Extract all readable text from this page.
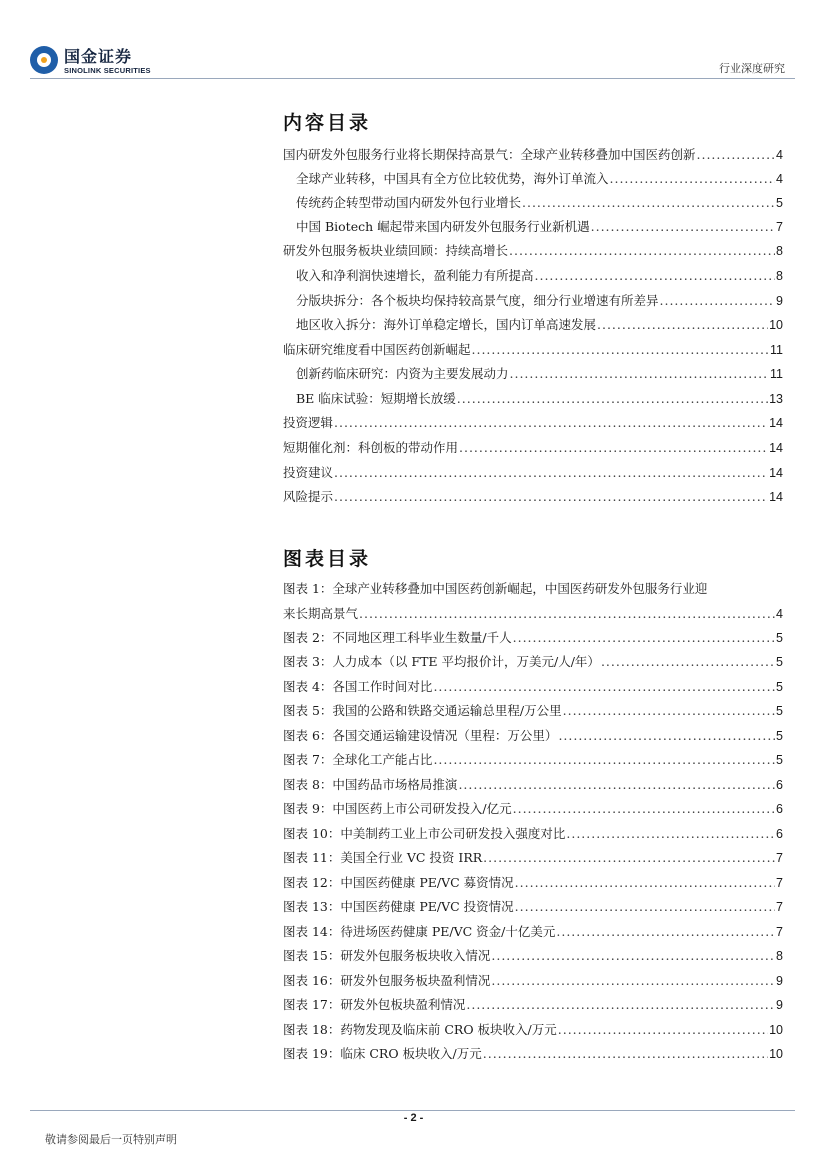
国金证券
SINOLINK SECURITIES	行业深度研究
内容目录
国内研发外包服务行业将长期保持高景气：全球产业转移叠加中国医药创新 .....	4
全球产业转移，中国具有全方位比较优势，海外订单流入 .....	4
传统药企转型带动国内研发外包行业增长 .....	5
中国 Biotech 崛起带来国内研发外包服务行业新机遇 .....	7
研发外包服务板块业绩回顾：持续高增长 .....	8
收入和净利润快速增长，盈利能力有所提高 .....	8
分版块拆分：各个板块均保持较高景气度，细分行业增速有所差异 .....	9
地区收入拆分：海外订单稳定增长，国内订单高速发展 .....	10
临床研究维度看中国医药创新崛起 .....	11
创新药临床研究：内资为主要发展动力 .....	11
BE 临床试验：短期增长放缓 .....	13
投资逻辑 .....	14
短期催化剂：科创板的带动作用 .....	14
投资建议 .....	14
风险提示 .....	14
图表目录
图表 1：全球产业转移叠加中国医药创新崛起，中国医药研发外包服务行业迎
来长期高景气 .....	4
图表 2：不同地区理工科毕业生数量/千人 .....	5
图表 3：人力成本（以 FTE 平均报价计，万美元/人/年） .....	5
图表 4：各国工作时间对比 .....	5
图表 5：我国的公路和铁路交通运输总里程/万公里 .....	5
图表 6：各国交通运输建设情况（里程：万公里） .....	5
图表 7：全球化工产能占比 .....	5
图表 8：中国药品市场格局推演 .....	6
图表 9：中国医药上市公司研发投入/亿元 .....	6
图表 10：中美制药工业上市公司研发投入强度对比 .....	6
图表 11：美国全行业 VC 投资 IRR .....	7
图表 12：中国医药健康 PE/VC 募资情况 .....	7
图表 13：中国医药健康 PE/VC 投资情况 .....	7
图表 14：待进场医药健康 PE/VC 资金/十亿美元 .....	7
图表 15：研发外包服务板块收入情况 .....	8
图表 16：研发外包服务板块盈利情况 .....	9
图表 17：研发外包板块盈利情况 .....	9
图表 18：药物发现及临床前 CRO 板块收入/万元 .....	10
图表 19：临床 CRO 板块收入/万元 .....	10
- 2 -
敬请参阅最后一页特别声明
